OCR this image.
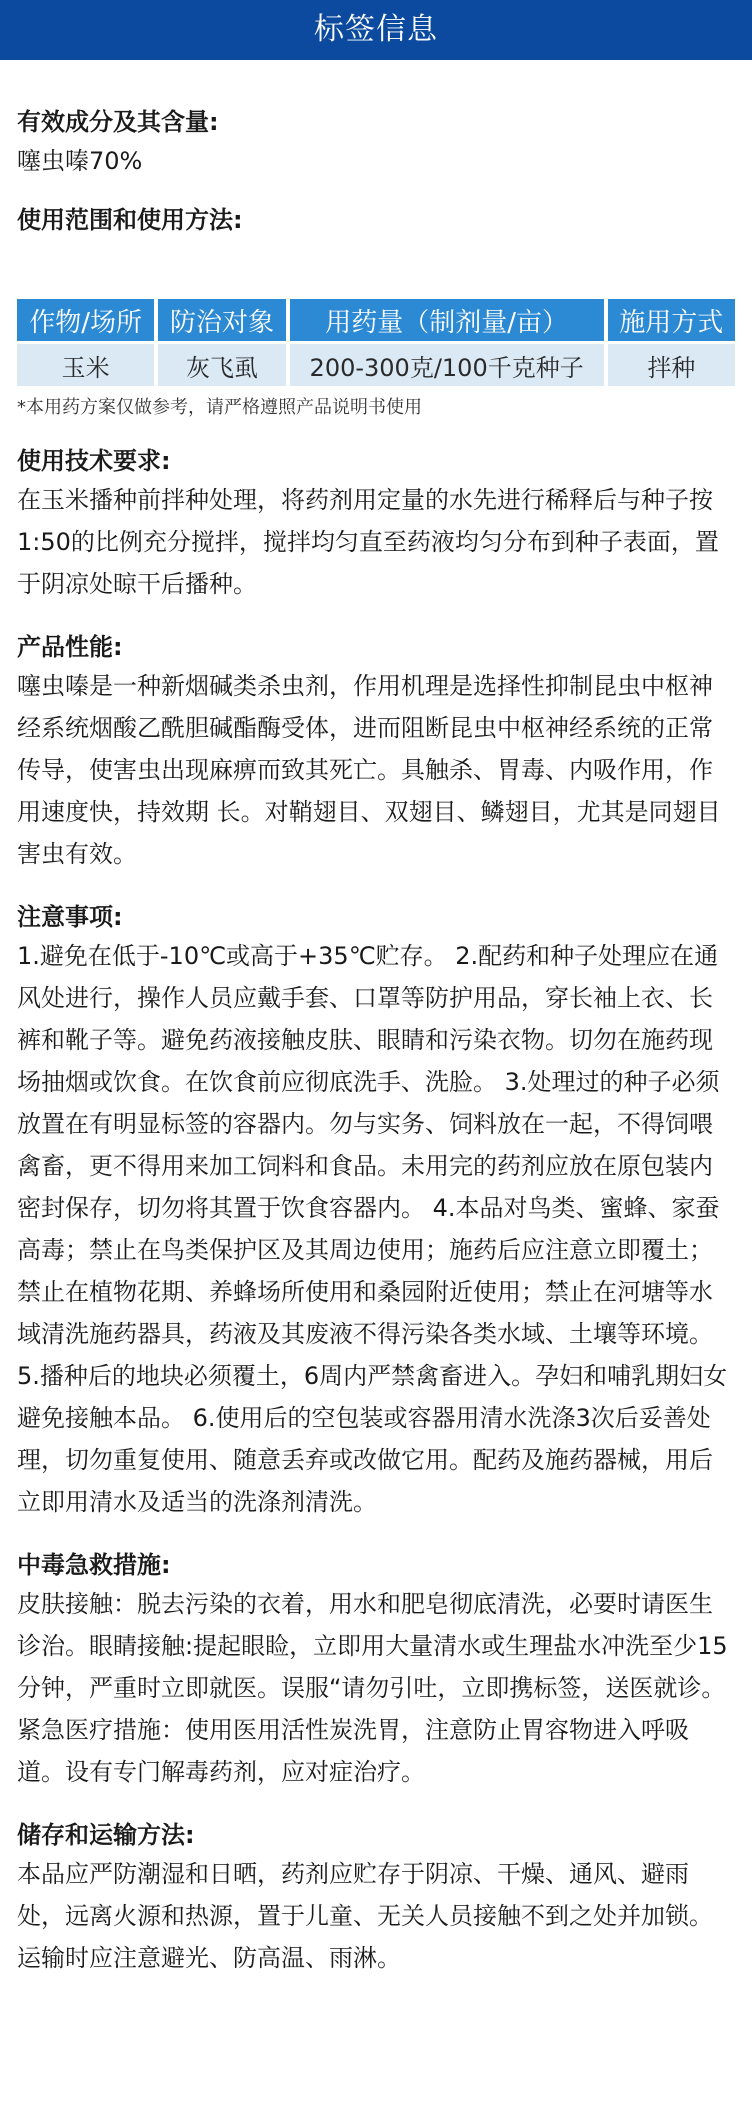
标签信息
有效成分及其含量:
噻虫嗪70%
使用范围和使用方法:
作物/场所	防治对象	用药量（制剂量/亩）	施用方式
玉米	灰飞虱	200-300克/100千克种子	拌种
*本用药方案仅做参考，请严格遵照产品说明书使用
使用技术要求:
在玉米播种前拌种处理，将药剂用定量的水先进行稀释后与种子按1:50的比例充分搅拌，搅拌均匀直至药液均匀分布到种子表面，置于阴凉处晾干后播种。
产品性能:
噻虫嗪是一种新烟碱类杀虫剂，作用机理是选择性抑制昆虫中枢神经系统烟酸乙酰胆碱酯酶受体，进而阻断昆虫中枢神经系统的正常传导，使害虫出现麻痹而致其死亡。具触杀、胃毒、内吸作用，作用速度快，持效期 长。对鞘翅目、双翅目、鳞翅目，尤其是同翅目害虫有效。
注意事项:
1.避免在低于-10℃或高于+35℃贮存。 2.配药和种子处理应在通风处进行，操作人员应戴手套、口罩等防护用品，穿长袖上衣、长裤和靴子等。避免药液接触皮肤、眼睛和污染衣物。切勿在施药现场抽烟或饮食。在饮食前应彻底洗手、洗脸。 3.处理过的种子必须放置在有明显标签的容器内。勿与实务、饲料放在一起，不得饲喂禽畜，更不得用来加工饲料和食品。未用完的药剂应放在原包装内密封保存，切勿将其置于饮食容器内。 4.本品对鸟类、蜜蜂、家蚕高毒；禁止在鸟类保护区及其周边使用；施药后应注意立即覆土；禁止在植物花期、养蜂场所使用和桑园附近使用；禁止在河塘等水域清洗施药器具，药液及其废液不得污染各类水域、土壤等环境。 5.播种后的地块必须覆土，6周内严禁禽畜进入。孕妇和哺乳期妇女避免接触本品。 6.使用后的空包装或容器用清水洗涤3次后妥善处理，切勿重复使用、随意丢弃或改做它用。配药及施药器械，用后立即用清水及适当的洗涤剂清洗。
中毒急救措施:
皮肤接触：脱去污染的衣着，用水和肥皂彻底清洗，必要时请医生诊治。眼睛接触:提起眼睑，立即用大量清水或生理盐水冲洗至少15分钟，严重时立即就医。误服“请勿引吐，立即携标签，送医就诊。紧急医疗措施：使用医用活性炭洗胃，注意防止胃容物进入呼吸道。设有专门解毒药剂，应对症治疗。
储存和运输方法:
本品应严防潮湿和日晒，药剂应贮存于阴凉、干燥、通风、避雨处，远离火源和热源，置于儿童、无关人员接触不到之处并加锁。运输时应注意避光、防高温、雨淋。
